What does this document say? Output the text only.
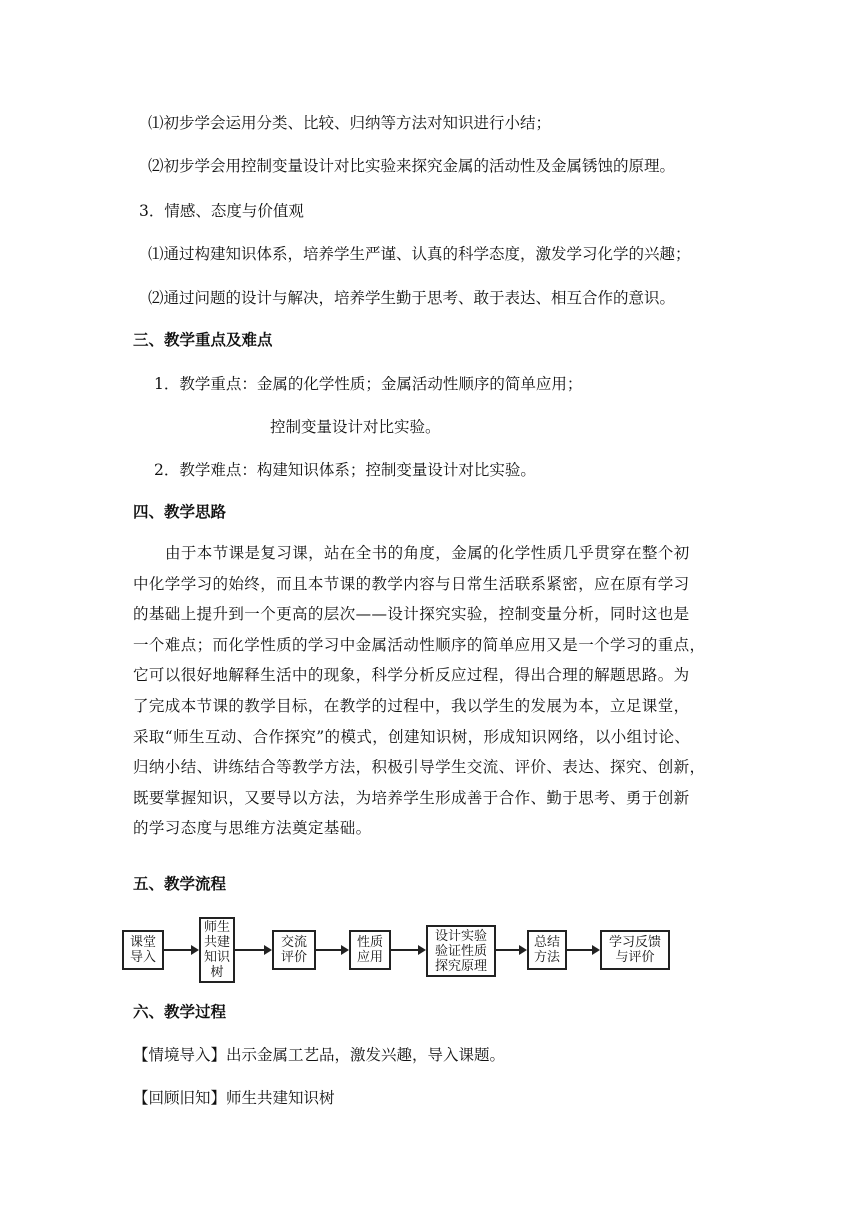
⑴初步学会运用分类、比较、归纳等方法对知识进行小结；
⑵初步学会用控制变量设计对比实验来探究金属的活动性及金属锈蚀的原理。
3．情感、态度与价值观
⑴通过构建知识体系，培养学生严谨、认真的科学态度，激发学习化学的兴趣；
⑵通过问题的设计与解决，培养学生勤于思考、敢于表达、相互合作的意识。
三、教学重点及难点
1．教学重点：金属的化学性质；金属活动性顺序的简单应用；
控制变量设计对比实验。
2．教学难点：构建知识体系；控制变量设计对比实验。
四、教学思路
由于本节课是复习课，站在全书的角度，金属的化学性质几乎贯穿在整个初
中化学学习的始终，而且本节课的教学内容与日常生活联系紧密，应在原有学习
的基础上提升到一个更高的层次——设计探究实验，控制变量分析，同时这也是
一个难点；而化学性质的学习中金属活动性顺序的简单应用又是一个学习的重点，
它可以很好地解释生活中的现象，科学分析反应过程，得出合理的解题思路。为
了完成本节课的教学目标，在教学的过程中，我以学生的发展为本，立足课堂，
采取“师生互动、合作探究”的模式，创建知识树，形成知识网络，以小组讨论、
归纳小结、讲练结合等教学方法，积极引导学生交流、评价、表达、探究、创新，
既要掌握知识，又要导以方法，为培养学生形成善于合作、勤于思考、勇于创新
的学习态度与思维方法奠定基础。
五、教学流程
课堂
导入
师生
共建
知识
树
交流
评价
性质
应用
设计实验
验证性质
探究原理
总结
方法
学习反馈
与评价
六、教学过程
【情境导入】出示金属工艺品，激发兴趣，导入课题。
【回顾旧知】师生共建知识树
